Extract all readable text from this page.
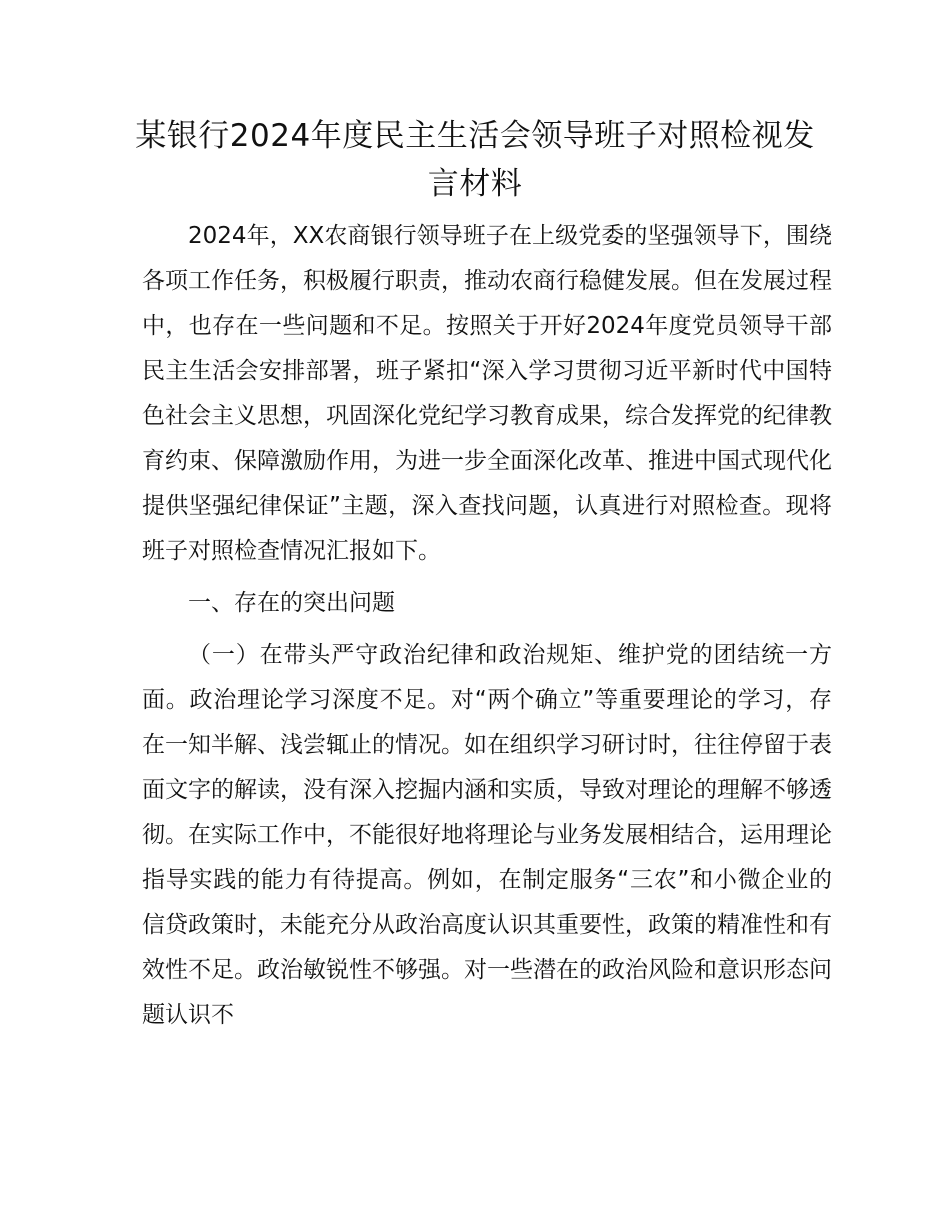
某银行2024年度民主生活会领导班子对照检视发言材料

2024年，XX农商银行领导班子在上级党委的坚强领导下，围绕各项工作任务，积极履行职责，推动农商行稳健发展。但在发展过程中，也存在一些问题和不足。按照关于开好2024年度党员领导干部民主生活会安排部署，班子紧扣“深入学习贯彻习近平新时代中国特色社会主义思想，巩固深化党纪学习教育成果，综合发挥党的纪律教育约束、保障激励作用，为进一步全面深化改革、推进中国式现代化提供坚强纪律保证”主题，深入查找问题，认真进行对照检查。现将班子对照检查情况汇报如下。

一、存在的突出问题

（一）在带头严守政治纪律和政治规矩、维护党的团结统一方面。政治理论学习深度不足。对“两个确立”等重要理论的学习，存在一知半解、浅尝辄止的情况。如在组织学习研讨时，往往停留于表面文字的解读，没有深入挖掘内涵和实质，导致对理论的理解不够透彻。在实际工作中，不能很好地将理论与业务发展相结合，运用理论指导实践的能力有待提高。例如，在制定服务“三农”和小微企业的信贷政策时，未能充分从政治高度认识其重要性，政策的精准性和有效性不足。政治敏锐性不够强。对一些潜在的政治风险和意识形态问题认识不
